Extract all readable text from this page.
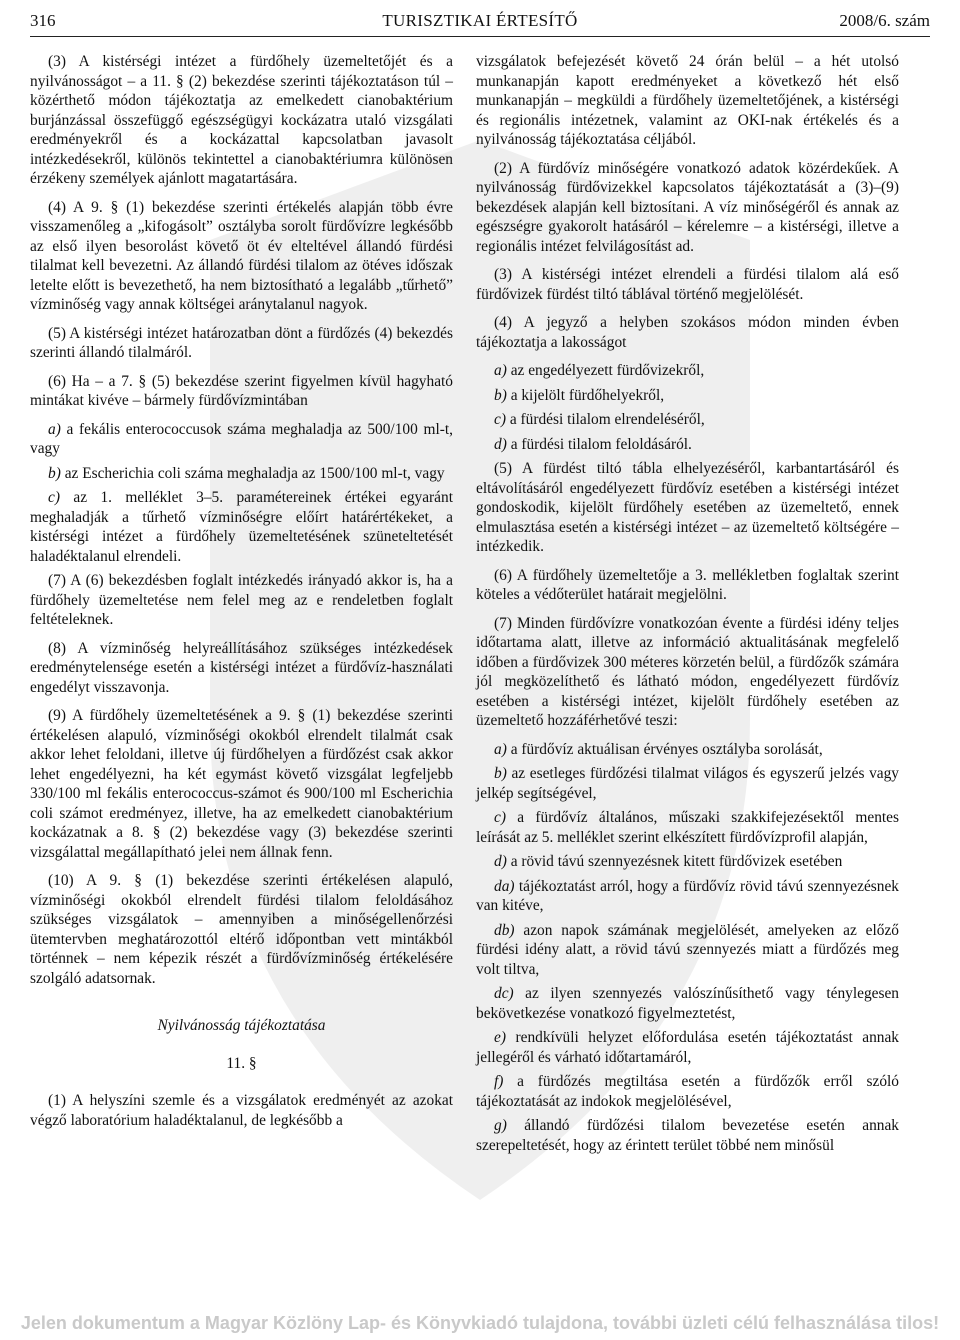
316	TURISZTIKAI ÉRTESÍTŐ	2008/6. szám

(3) A kistérségi intézet a fürdőhely üzemeltetőjét és a nyilvánosságot – a 11. § (2) bekezdése szerinti tájékoztatáson túl – közérthető módon tájékoztatja az emelkedett cianobaktérium burjánzással összefüggő egészségügyi kockázatra utaló vizsgálati eredményekről és a kockázattal kapcsolatban javasolt intézkedésekről, különös tekintettel a cianobaktériumra különösen érzékeny személyek ajánlott magatartására.

(4) A 9. § (1) bekezdése szerinti értékelés alapján több évre visszamenőleg a „kifogásolt” osztályba sorolt fürdővízre legkésőbb az első ilyen besorolást követő öt év elteltével állandó fürdési tilalmat kell bevezetni. Az állandó fürdési tilalom az ötéves időszak letelte előtt is bevezethető, ha nem biztosítható a legalább „tűrhető” vízminőség vagy annak költségei aránytalanul nagyok.

(5) A kistérségi intézet határozatban dönt a fürdőzés (4) bekezdés szerinti állandó tilalmáról.

(6) Ha – a 7. § (5) bekezdése szerint figyelmen kívül hagyható mintákat kivéve – bármely fürdővízmintában

a) a fekális enterococcusok száma meghaladja az 500/100 ml-t, vagy

b) az Escherichia coli száma meghaladja az 1500/100 ml-t, vagy

c) az 1. melléklet 3–5. paramétereinek értékei egyaránt meghaladják a tűrhető vízminőségre előírt határértékeket, a kistérségi intézet a fürdőhely üzemeltetésének szüneteltetését haladéktalanul elrendeli.

(7) A (6) bekezdésben foglalt intézkedés irányadó akkor is, ha a fürdőhely üzemeltetése nem felel meg az e rendeletben foglalt feltételeknek.

(8) A vízminőség helyreállításához szükséges intézkedések eredménytelensége esetén a kistérségi intézet a fürdővíz-használati engedélyt visszavonja.

(9) A fürdőhely üzemeltetésének a 9. § (1) bekezdése szerinti értékelésen alapuló, vízminőségi okokból elrendelt tilalmát csak akkor lehet feloldani, illetve új fürdőhelyen a fürdőzést csak akkor lehet engedélyezni, ha két egymást követő vizsgálat legfeljebb 330/100 ml fekális enterococcus-számot és 900/100 ml Escherichia coli számot eredményez, illetve, ha az emelkedett cianobaktérium kockázatnak a 8. § (2) bekezdése vagy (3) bekezdése szerinti vizsgálattal megállapítható jelei nem állnak fenn.

(10) A 9. § (1) bekezdése szerinti értékelésen alapuló, vízminőségi okokból elrendelt fürdési tilalom feloldásához szükséges vizsgálatok – amennyiben a minőségellenőrzési ütemtervben meghatározottól eltérő időpontban vett mintákból történnek – nem képezik részét a fürdővízminőség értékelésére szolgáló adatsornak.

Nyilvánosság tájékoztatása

11. §

(1) A helyszíni szemle és a vizsgálatok eredményét az azokat végző laboratórium haladéktalanul, de legkésőbb a

vizsgálatok befejezését követő 24 órán belül – a hét utolsó munkanapján kapott eredményeket a következő hét első munkanapján – megküldi a fürdőhely üzemeltetőjének, a kistérségi és regionális intézetnek, valamint az OKI-nak értékelés és a nyilvánosság tájékoztatása céljából.

(2) A fürdővíz minőségére vonatkozó adatok közérdekűek. A nyilvánosság fürdővizekkel kapcsolatos tájékoztatását a (3)–(9) bekezdések alapján kell biztosítani. A víz minőségéről és annak az egészségre gyakorolt hatásáról – kérelemre – a kistérségi, illetve a regionális intézet felvilágosítást ad.

(3) A kistérségi intézet elrendeli a fürdési tilalom alá eső fürdővizek fürdést tiltó táblával történő megjelölését.

(4) A jegyző a helyben szokásos módon minden évben tájékoztatja a lakosságot

a) az engedélyezett fürdővizekről,

b) a kijelölt fürdőhelyekről,

c) a fürdési tilalom elrendeléséről,

d) a fürdési tilalom feloldásáról.

(5) A fürdést tiltó tábla elhelyezéséről, karbantartásáról és eltávolításáról engedélyezett fürdővíz esetében a kistérségi intézet gondoskodik, kijelölt fürdőhely esetében az üzemeltető, ennek elmulasztása esetén a kistérségi intézet – az üzemeltető költségére – intézkedik.

(6) A fürdőhely üzemeltetője a 3. mellékletben foglaltak szerint köteles a védőterület határait megjelölni.

(7) Minden fürdővízre vonatkozóan évente a fürdési idény teljes időtartama alatt, illetve az információ aktualitásának megfelelő időben a fürdővizek 300 méteres körzetén belül, a fürdőzők számára jól megközelíthető és látható módon, engedélyezett fürdővíz esetében a kistérségi intézet, kijelölt fürdőhely esetében az üzemeltető hozzáférhetővé teszi:

a) a fürdővíz aktuálisan érvényes osztályba sorolását,

b) az esetleges fürdőzési tilalmat világos és egyszerű jelzés vagy jelkép segítségével,

c) a fürdővíz általános, műszaki szakkifejezésektől mentes leírását az 5. melléklet szerint elkészített fürdővízprofil alapján,

d) a rövid távú szennyezésnek kitett fürdővizek esetében

da) tájékoztatást arról, hogy a fürdővíz rövid távú szennyezésnek van kitéve,

db) azon napok számának megjelölését, amelyeken az előző fürdési idény alatt, a rövid távú szennyezés miatt a fürdőzés meg volt tiltva,

dc) az ilyen szennyezés valószínűsíthető vagy ténylegesen bekövetkezése vonatkozó figyelmeztetést,

e) rendkívüli helyzet előfordulása esetén tájékoztatást annak jellegéről és várható időtartamáról,

f) a fürdőzés megtiltása esetén a fürdőzők erről szóló tájékoztatását az indokok megjelölésével,

g) állandó fürdőzési tilalom bevezetése esetén annak szerepeltetését, hogy az érintett terület többé nem minősül

Jelen dokumentum a Magyar Közlöny Lap- és Könyvkiadó tulajdona, további üzleti célú felhasználása tilos!
